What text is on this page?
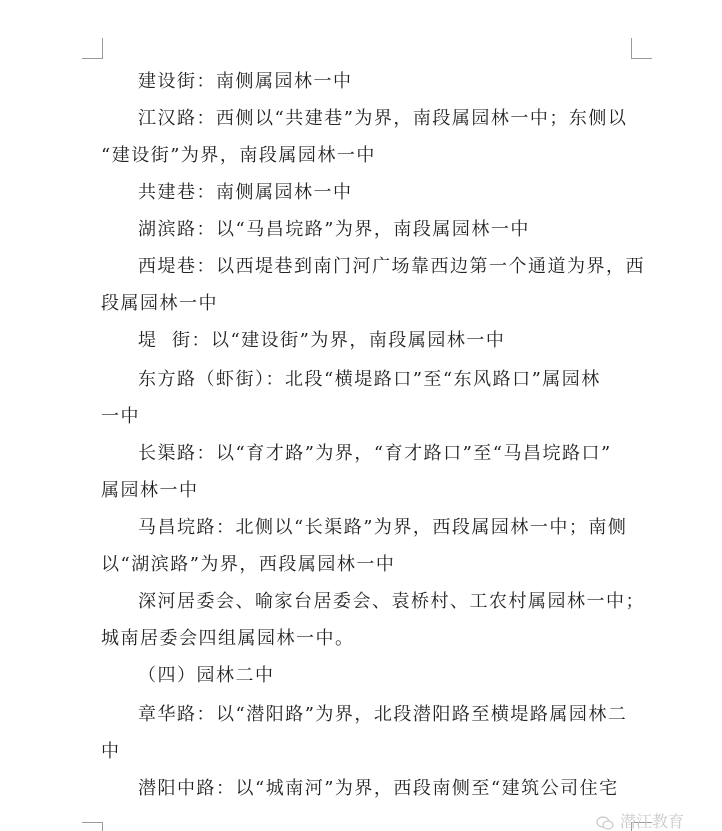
建设街：南侧属园林一中
江汉路：西侧以“共建巷”为界，南段属园林一中；东侧以
“建设街”为界，南段属园林一中
共建巷：南侧属园林一中
湖滨路：以“马昌垸路”为界，南段属园林一中
西堤巷：以西堤巷到南门河广场靠西边第一个通道为界，西
段属园林一中
堤  街：以“建设街”为界，南段属园林一中
东方路（虾街）：北段“横堤路口”至“东风路口”属园林
一中
长渠路：以“育才路”为界，“育才路口”至“马昌垸路口”
属园林一中
马昌垸路：北侧以“长渠路”为界，西段属园林一中；南侧
以“湖滨路”为界，西段属园林一中
深河居委会、喻家台居委会、袁桥村、工农村属园林一中；
城南居委会四组属园林一中。
（四）园林二中
章华路：以“潜阳路”为界，北段潜阳路至横堤路属园林二
中
潜阳中路：以“城南河”为界，西段南侧至“建筑公司住宅
潜江教育
